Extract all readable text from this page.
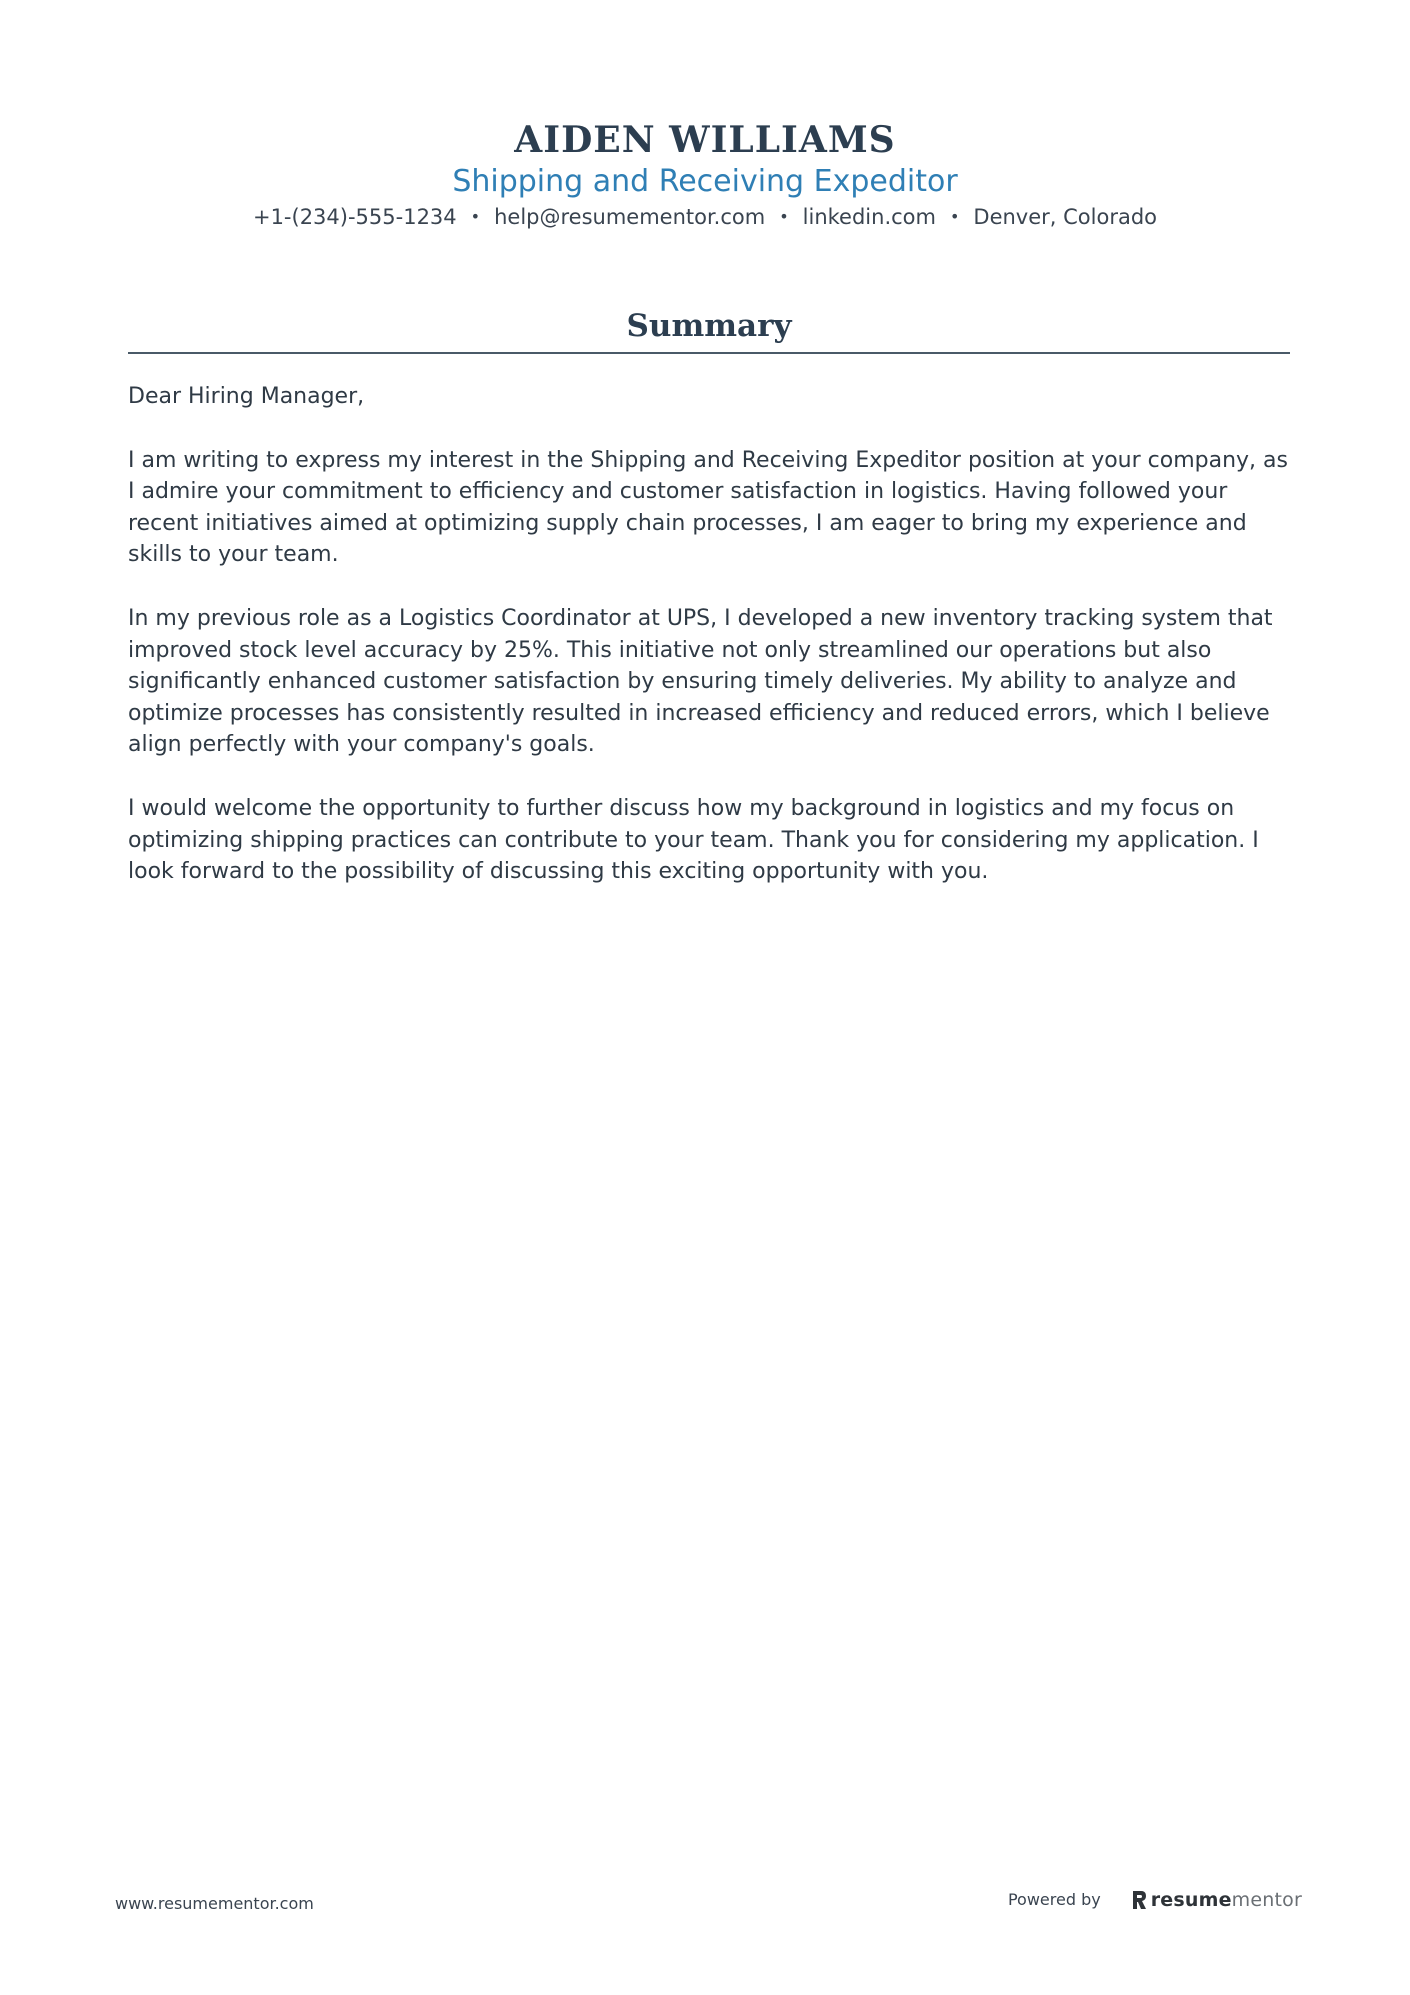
AIDEN WILLIAMS
Shipping and Receiving Expeditor
+1-(234)-555-1234 • help@resumementor.com • linkedin.com • Denver, Colorado
Summary

Dear Hiring Manager,

I am writing to express my interest in the Shipping and Receiving Expeditor position at your company, as I admire your commitment to efficiency and customer satisfaction in logistics. Having followed your recent initiatives aimed at optimizing supply chain processes, I am eager to bring my experience and skills to your team.

In my previous role as a Logistics Coordinator at UPS, I developed a new inventory tracking system that improved stock level accuracy by 25%. This initiative not only streamlined our operations but also significantly enhanced customer satisfaction by ensuring timely deliveries. My ability to analyze and optimize processes has consistently resulted in increased efficiency and reduced errors, which I believe align perfectly with your company's goals.

I would welcome the opportunity to further discuss how my background in logistics and my focus on optimizing shipping practices can contribute to your team. Thank you for considering my application. I look forward to the possibility of discussing this exciting opportunity with you.

www.resumementor.com	Powered by	resumementor
